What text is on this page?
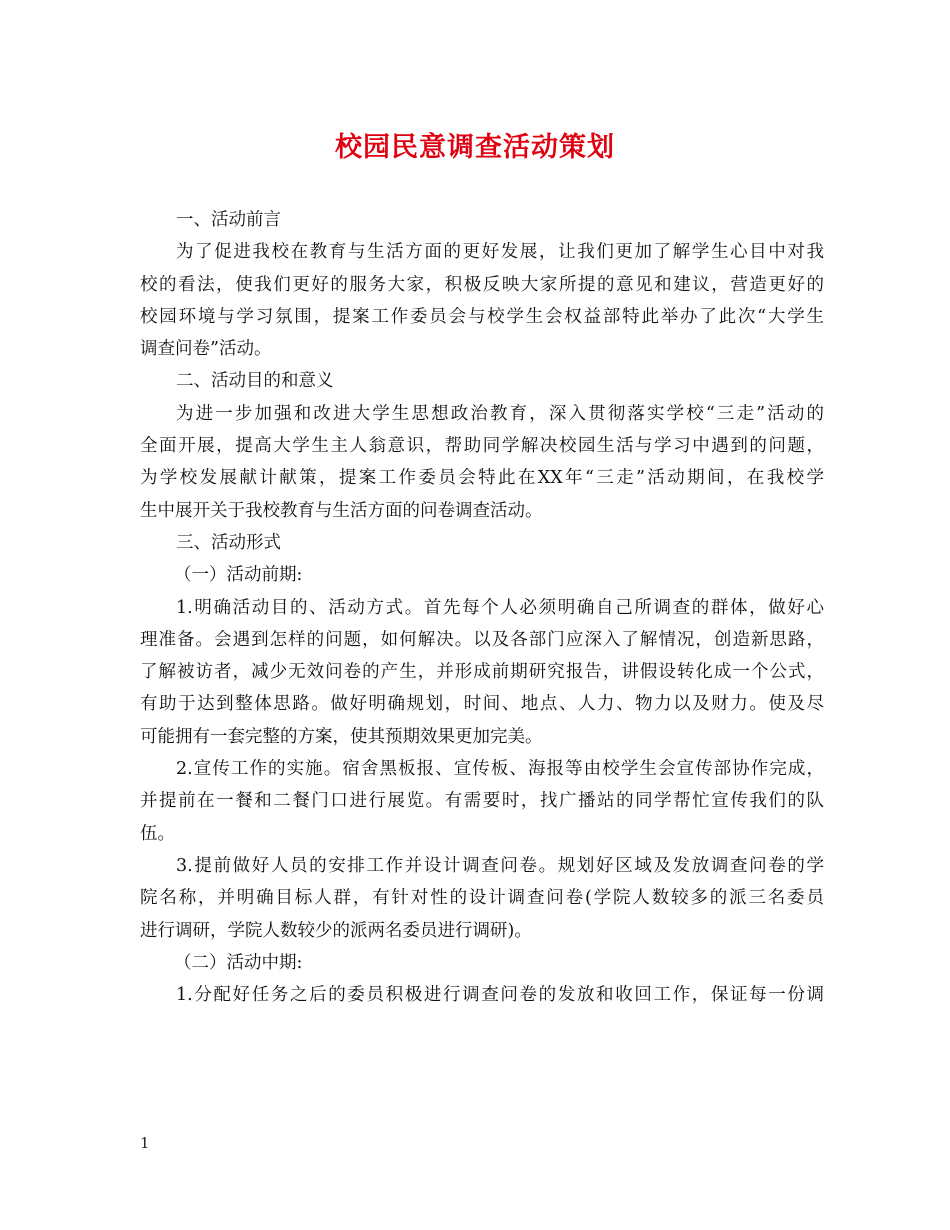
校园民意调查活动策划
一、活动前言
为了促进我校在教育与生活方面的更好发展，让我们更加了解学生心目中对我
校的看法，使我们更好的服务大家，积极反映大家所提的意见和建议，营造更好的
校园环境与学习氛围，提案工作委员会与校学生会权益部特此举办了此次“大学生
调查问卷”活动。
二、活动目的和意义
为进一步加强和改进大学生思想政治教育，深入贯彻落实学校“三走”活动的
全面开展，提高大学生主人翁意识，帮助同学解决校园生活与学习中遇到的问题，
为学校发展献计献策，提案工作委员会特此在XX年“三走”活动期间，在我校学
生中展开关于我校教育与生活方面的问卷调查活动。
三、活动形式
（一）活动前期:
1.明确活动目的、活动方式。首先每个人必须明确自己所调查的群体，做好心
理准备。会遇到怎样的问题，如何解决。以及各部门应深入了解情况，创造新思路，
了解被访者，减少无效问卷的产生，并形成前期研究报告，讲假设转化成一个公式，
有助于达到整体思路。做好明确规划，时间、地点、人力、物力以及财力。使及尽
可能拥有一套完整的方案，使其预期效果更加完美。
2.宣传工作的实施。宿舍黑板报、宣传板、海报等由校学生会宣传部协作完成，
并提前在一餐和二餐门口进行展览。有需要时，找广播站的同学帮忙宣传我们的队
伍。
3.提前做好人员的安排工作并设计调查问卷。规划好区域及发放调查问卷的学
院名称，并明确目标人群，有针对性的设计调查问卷(学院人数较多的派三名委员
进行调研，学院人数较少的派两名委员进行调研)。
（二）活动中期:
1.分配好任务之后的委员积极进行调查问卷的发放和收回工作，保证每一份调
1
